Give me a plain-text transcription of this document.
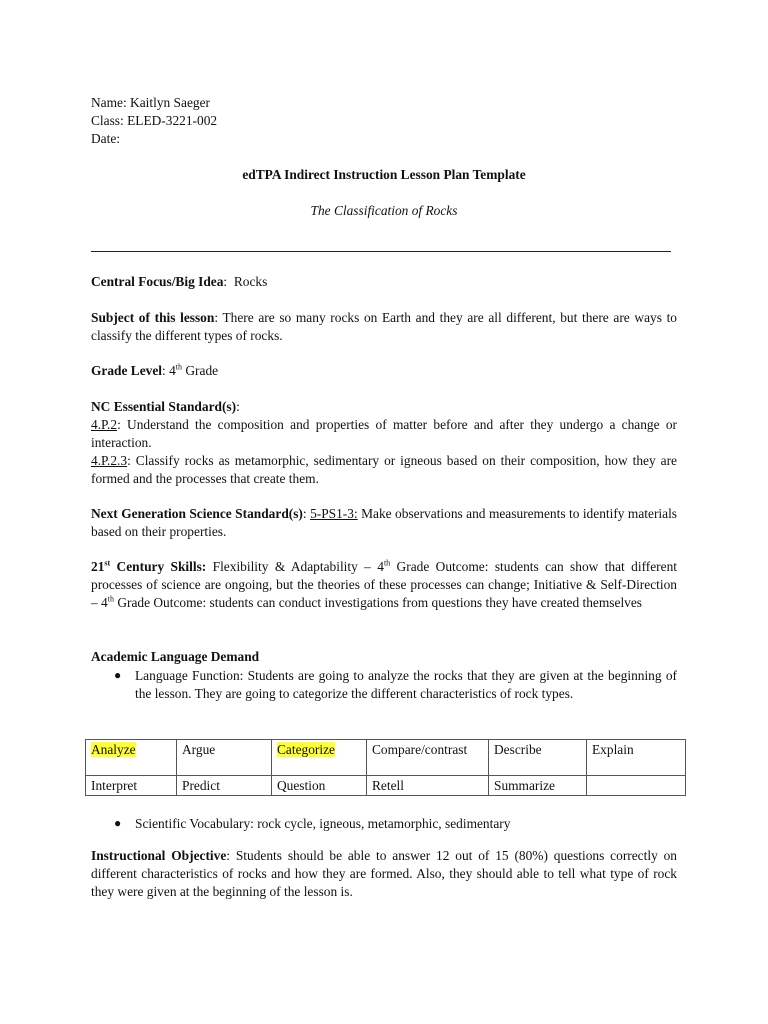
Name: Kaitlyn Saeger

Class: ELED-3221-002

Date:

edTPA Indirect Instruction Lesson Plan Template

The Classification of Rocks

Central Focus/Big Idea:  Rocks

Subject of this lesson: There are so many rocks on Earth and they are all different, but there are ways to classify the different types of rocks.

Grade Level: 4th Grade

NC Essential Standard(s):

4.P.2: Understand the composition and properties of matter before and after they undergo a change or interaction.

4.P.2.3: Classify rocks as metamorphic, sedimentary or igneous based on their composition, how they are formed and the processes that create them.

Next Generation Science Standard(s): 5-PS1-3: Make observations and measurements to identify materials based on their properties.

21st Century Skills: Flexibility & Adaptability – 4th Grade Outcome: students can show that different processes of science are ongoing, but the theories of these processes can change; Initiative & Self-Direction – 4th Grade Outcome: students can conduct investigations from questions they have created themselves

Academic Language Demand

● Language Function: Students are going to analyze the rocks that they are given at the beginning of the lesson. They are going to categorize the different characteristics of rock types.

Analyze	Argue	Categorize	Compare/contrast	Describe	Explain
Interpret	Predict	Question	Retell	Summarize	
● Scientific Vocabulary: rock cycle, igneous, metamorphic, sedimentary

Instructional Objective: Students should be able to answer 12 out of 15 (80%) questions correctly on different characteristics of rocks and how they are formed. Also, they should able to tell what type of rock they were given at the beginning of the lesson is.
